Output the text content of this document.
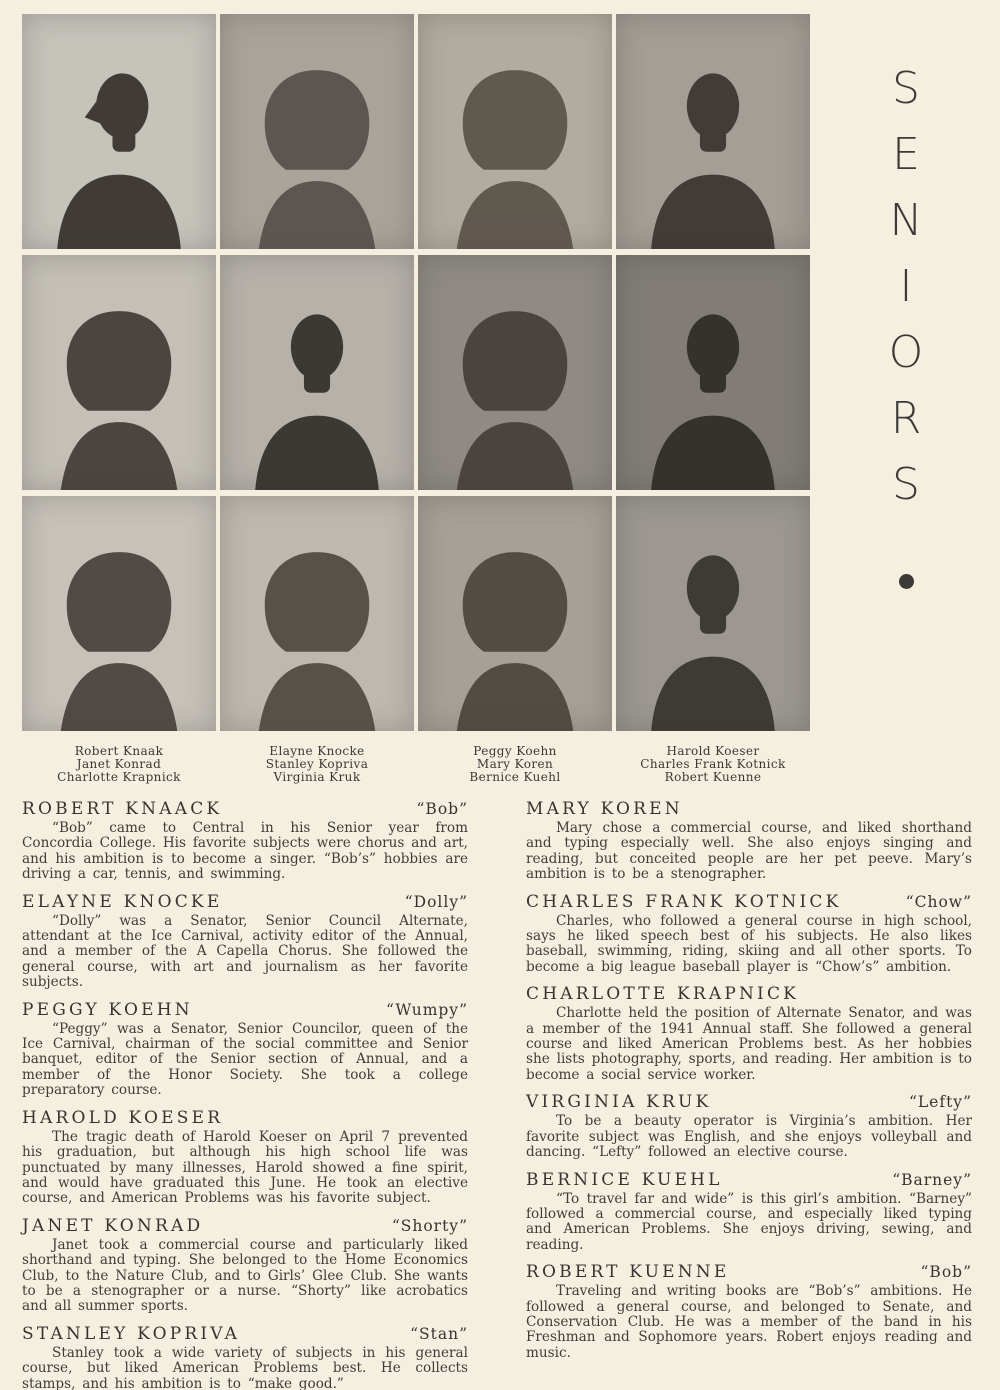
S
E
N
I
O
R
S
Robert Knaak
Janet Konrad
Charlotte Krapnick
Elayne Knocke
Stanley Kopriva
Virginia Kruk
Peggy Koehn
Mary Koren
Bernice Kuehl
Harold Koeser
Charles Frank Kotnick
Robert Kuenne
ROBERT KNAACK	“Bob”

“Bob” came to Central in his Senior year from Concordia College. His favorite subjects were chorus and art, and his ambition is to become a singer. “Bob’s” hobbies are driving a car, tennis, and swimming.

ELAYNE KNOCKE	“Dolly”

“Dolly” was a Senator, Senior Council Alternate, attendant at the Ice Carnival, activity editor of the Annual, and a member of the A Capella Chorus. She followed the general course, with art and journalism as her favorite subjects.

PEGGY KOEHN	“Wumpy”

“Peggy” was a Senator, Senior Councilor, queen of the Ice Carnival, chairman of the social committee and Senior banquet, editor of the Senior section of Annual, and a member of the Honor Society. She took a college preparatory course.

HAROLD KOESER

The tragic death of Harold Koeser on April 7 prevented his graduation, but although his high school life was punctuated by many illnesses, Harold showed a fine spirit, and would have graduated this June. He took an elective course, and American Problems was his favorite subject.

JANET KONRAD	“Shorty”

Janet took a commercial course and particularly liked shorthand and typing. She belonged to the Home Economics Club, to the Nature Club, and to Girls’ Glee Club. She wants to be a stenographer or a nurse. “Shorty” like acrobatics and all summer sports.

STANLEY KOPRIVA	“Stan”

Stanley took a wide variety of subjects in his general course, but liked American Problems best. He collects stamps, and his ambition is to “make good.”

MARY KOREN

Mary chose a commercial course, and liked shorthand and typing especially well. She also enjoys singing and reading, but conceited people are her pet peeve. Mary’s ambition is to be a stenographer.

CHARLES FRANK KOTNICK	“Chow”

Charles, who followed a general course in high school, says he liked speech best of his subjects. He also likes baseball, swimming, riding, skiing and all other sports. To become a big league baseball player is “Chow’s” ambition.

CHARLOTTE KRAPNICK

Charlotte held the position of Alternate Senator, and was a member of the 1941 Annual staff. She followed a general course and liked American Problems best. As her hobbies she lists photography, sports, and reading. Her ambition is to become a social service worker.

VIRGINIA KRUK	“Lefty”

To be a beauty operator is Virginia’s ambition. Her favorite subject was English, and she enjoys volleyball and dancing. “Lefty” followed an elective course.

BERNICE KUEHL	“Barney”

“To travel far and wide” is this girl’s ambition. “Barney” followed a commercial course, and especially liked typing and American Problems. She enjoys driving, sewing, and reading.

ROBERT KUENNE	“Bob”

Traveling and writing books are “Bob’s” ambitions. He followed a general course, and belonged to Senate, and Conservation Club. He was a member of the band in his Freshman and Sophomore years. Robert enjoys reading and music.
